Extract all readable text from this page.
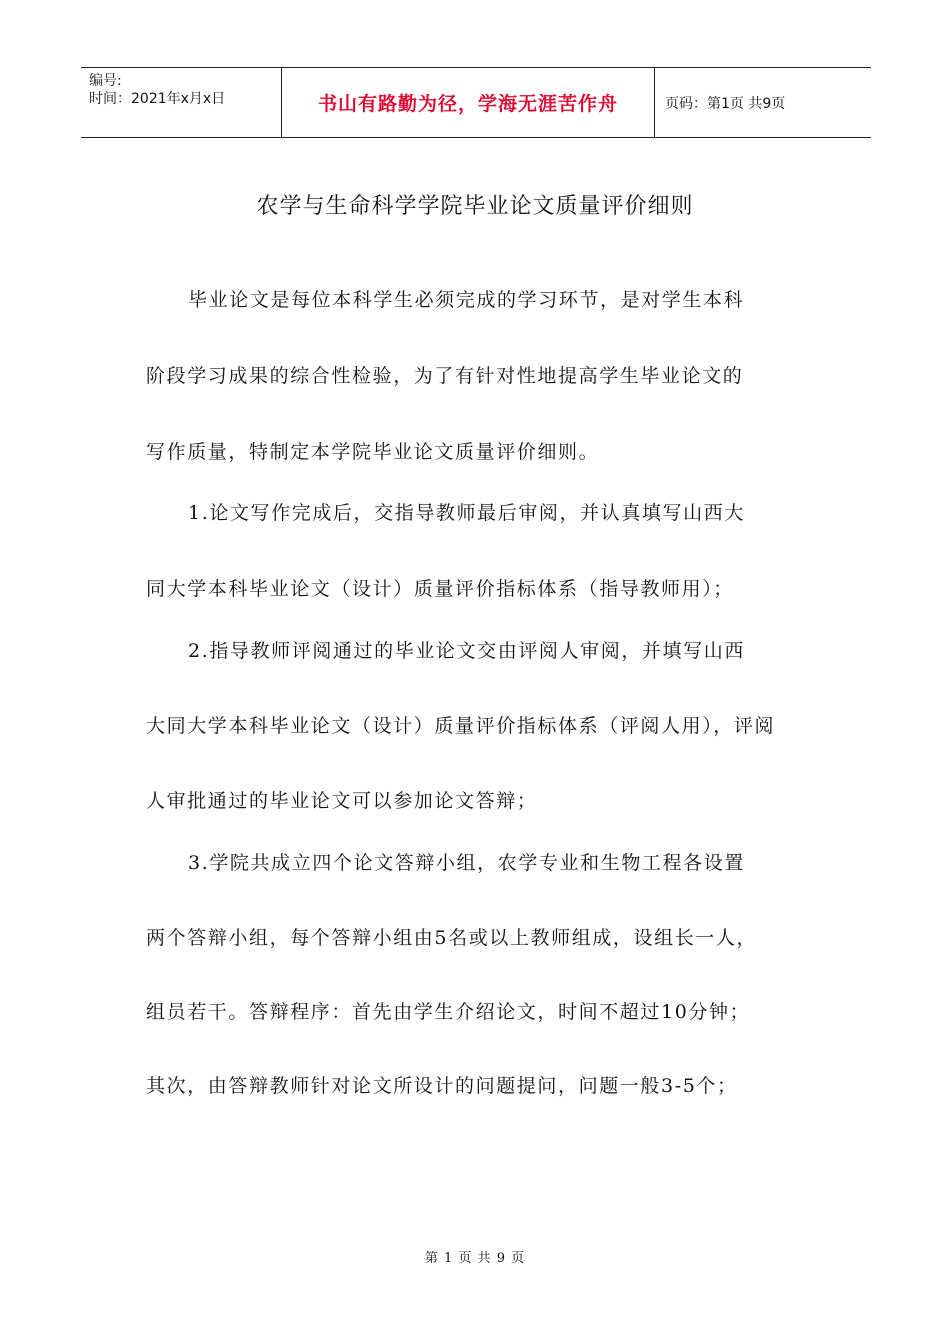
编号:
时间：2021年x月x日	书山有路勤为径，学海无涯苦作舟	页码：第1页 共9页
农学与生命科学学院毕业论文质量评价细则
毕业论文是每位本科学生必须完成的学习环节，是对学生本科
阶段学习成果的综合性检验，为了有针对性地提高学生毕业论文的
写作质量，特制定本学院毕业论文质量评价细则。
1.论文写作完成后，交指导教师最后审阅，并认真填写山西大
同大学本科毕业论文（设计）质量评价指标体系（指导教师用）；
2.指导教师评阅通过的毕业论文交由评阅人审阅，并填写山西
大同大学本科毕业论文（设计）质量评价指标体系（评阅人用），评阅
人审批通过的毕业论文可以参加论文答辩；
3.学院共成立四个论文答辩小组，农学专业和生物工程各设置
两个答辩小组，每个答辩小组由5名或以上教师组成，设组长一人，
组员若干。答辩程序：首先由学生介绍论文，时间不超过10分钟；
其次，由答辩教师针对论文所设计的问题提问，问题一般3-5个；
第 1 页 共 9 页
